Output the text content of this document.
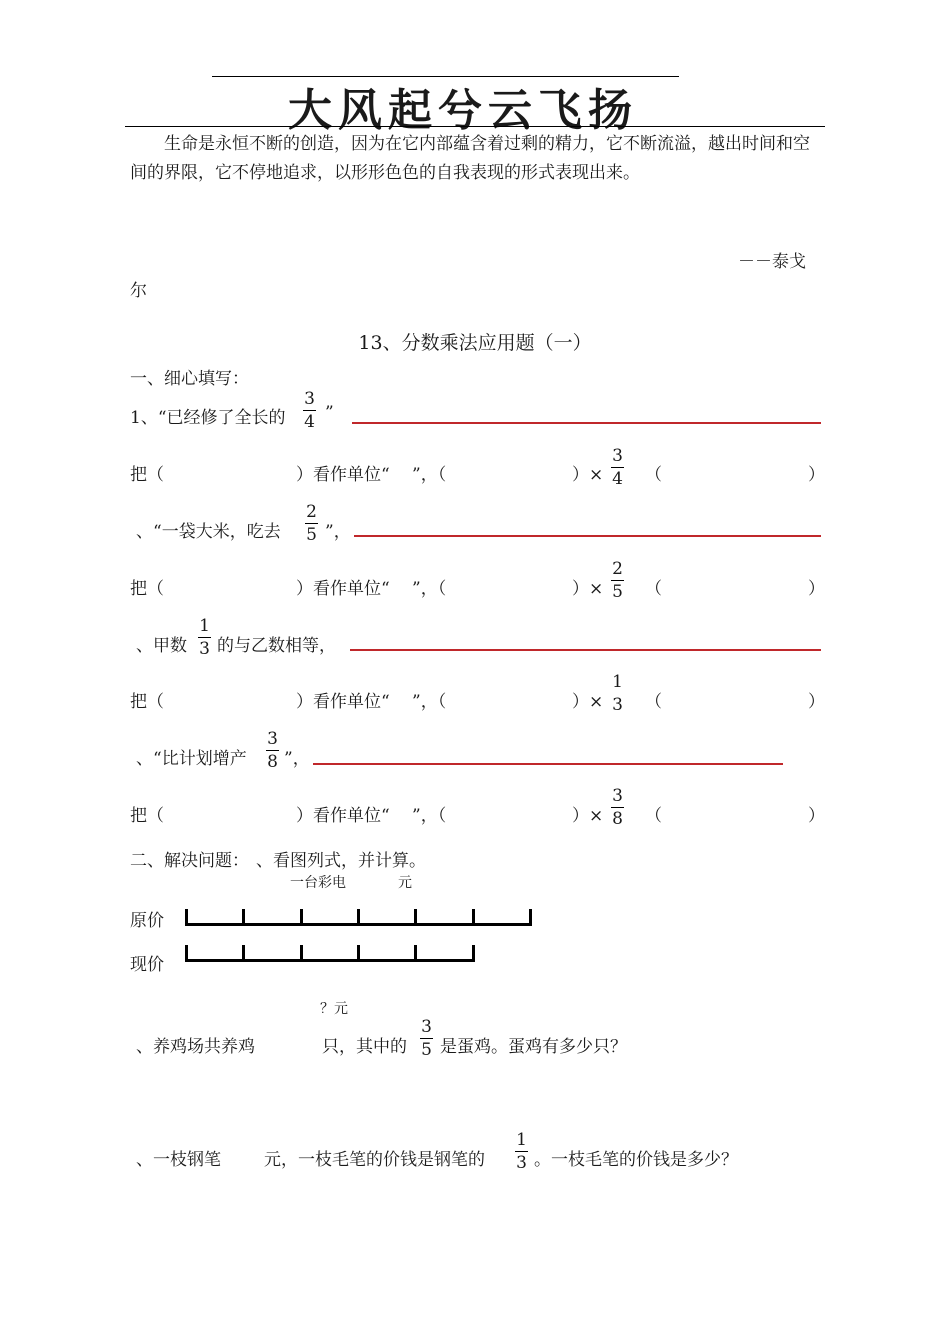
大风起兮云飞扬
生命是永恒不断的创造，因为在它内部蕴含着过剩的精力，它不断流溢，越出时间和空间的界限，它不停地追求，以形形色色的自我表现的形式表现出来。
－－泰戈
尔
13、分数乘法应用题（一）
一、细心填写：
1、“已经修了全长的
3
4 ”
把（	）看作单位“ ”，（	）×
3
4 （	）
、“一袋大米，吃去
2
5 ”，
把（	）看作单位“ ”，（	）×
2
5 （	）
、甲数
1
3 的与乙数相等，
把（	）看作单位“ ”，（	）×
1
3 （	）
、“比计划增产
3
8 ”，
把（	）看作单位“ ”，（	）×
3
8 （	）
二、解决问题： 、看图列式，并计算。
一台彩电	元
原价
现价
？元
、养鸡场共养鸡	只，其中的
3
5 是蛋鸡。蛋鸡有多少只？
、一枝钢笔	元，一枝毛笔的价钱是钢笔的
1
3 。一枝毛笔的价钱是多少？
